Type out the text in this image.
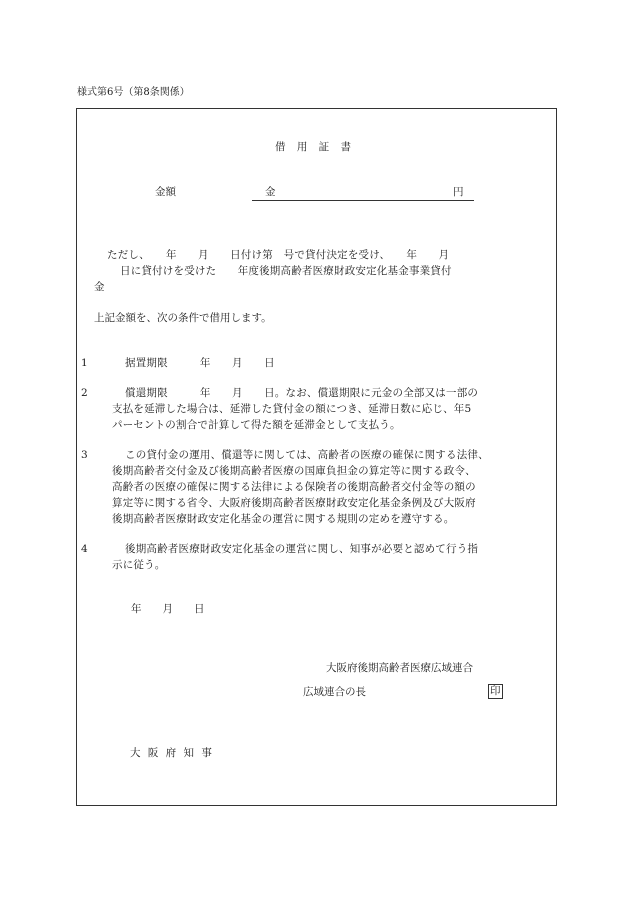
様式第6号（第8条関係）
借 用 証 書
金額	金	円
ただし、　　年　　月　　日付け第　号で貸付決定を受け、　　年　　月
日に貸付けを受けた　　年度後期高齢者医療財政安定化基金事業貸付
金
上記金額を、次の条件で借用します。
1	据置期限　　　年　　月　　日
2	償還期限　　　年　　月　　日。なお、償還期限に元金の全部又は一部の
支払を延滞した場合は、延滞した貸付金の額につき、延滞日数に応じ、年5
パーセントの割合で計算して得た額を延滞金として支払う。
3	この貸付金の運用、償還等に関しては、高齢者の医療の確保に関する法律、
後期高齢者交付金及び後期高齢者医療の国庫負担金の算定等に関する政令、
高齢者の医療の確保に関する法律による保険者の後期高齢者交付金等の額の
算定等に関する省令、大阪府後期高齢者医療財政安定化基金条例及び大阪府
後期高齢者医療財政安定化基金の運営に関する規則の定めを遵守する。
4	後期高齢者医療財政安定化基金の運営に関し、知事が必要と認めて行う指
示に従う。
年　　月　　日
大阪府後期高齢者医療広域連合
広域連合の長	印
大 阪 府 知 事
